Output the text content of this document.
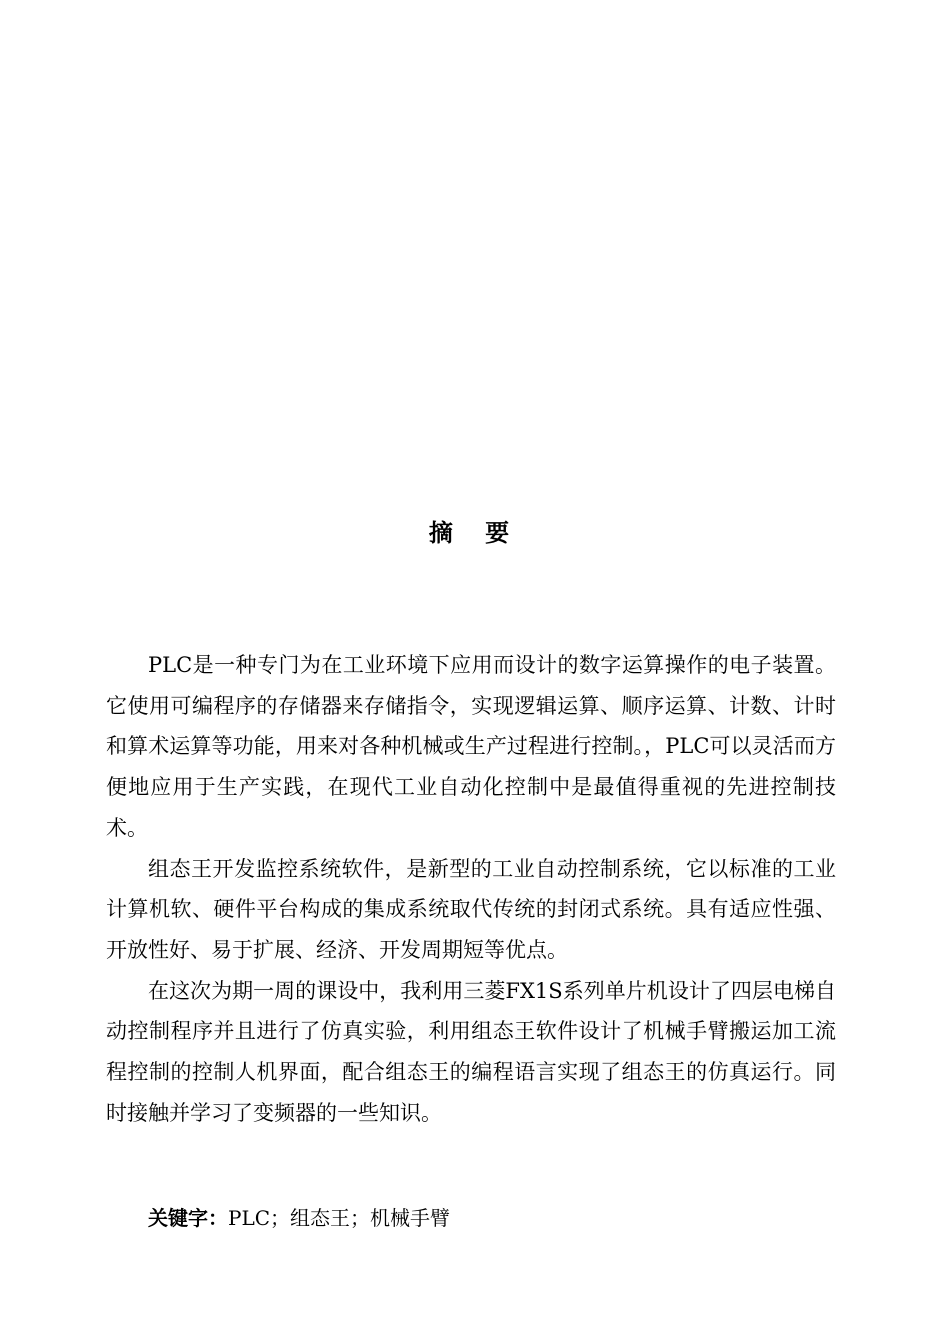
摘 要

PLC是一种专门为在工业环境下应用而设计的数字运算操作的电子装置。它使用可编程序的存储器来存储指令，实现逻辑运算、顺序运算、计数、计时和算术运算等功能，用来对各种机械或生产过程进行控制。，PLC可以灵活而方便地应用于生产实践，在现代工业自动化控制中是最值得重视的先进控制技术。

组态王开发监控系统软件，是新型的工业自动控制系统，它以标准的工业计算机软、硬件平台构成的集成系统取代传统的封闭式系统。具有适应性强、开放性好、易于扩展、经济、开发周期短等优点。

在这次为期一周的课设中，我利用三菱FX1S系列单片机设计了四层电梯自动控制程序并且进行了仿真实验，利用组态王软件设计了机械手臂搬运加工流程控制的控制人机界面，配合组态王的编程语言实现了组态王的仿真运行。同时接触并学习了变频器的一些知识。

关键字：PLC；组态王；机械手臂
